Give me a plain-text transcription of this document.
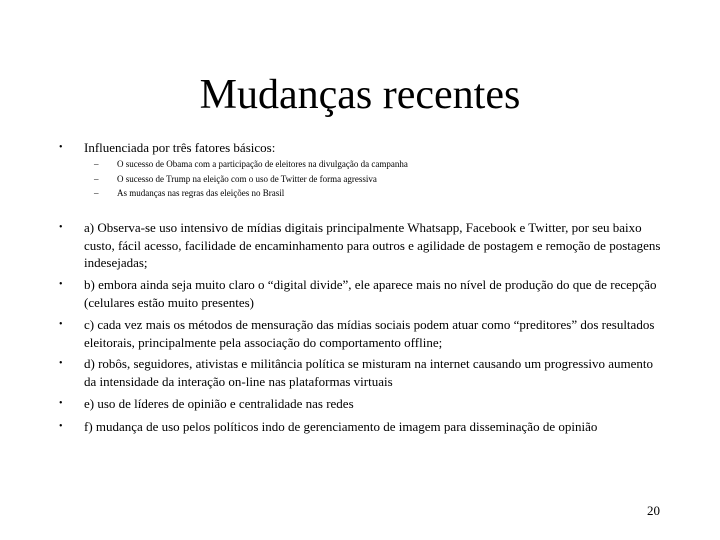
Mudanças recentes
• Influenciada por três fatores básicos:
– O sucesso de Obama com a participação de eleitores na divulgação da campanha
– O sucesso de Trump na eleição com o uso de Twitter de forma agressiva
– As mudanças nas regras das eleições no Brasil
• a) Observa-se uso intensivo de mídias digitais principalmente Whatsapp, Facebook e Twitter, por seu baixo custo, fácil acesso, facilidade de encaminhamento para outros e agilidade de postagem e remoção de postagens indesejadas;
• b) embora ainda seja muito claro o “digital divide”, ele aparece mais no nível de produção do que de recepção (celulares estão muito presentes)
• c) cada vez mais os métodos de mensuração das mídias sociais podem atuar como “preditores” dos resultados eleitorais, principalmente pela associação do comportamento offline;
• d) robôs, seguidores, ativistas e militância política se misturam na internet causando um progressivo aumento da intensidade da interação on-line nas plataformas virtuais
• e) uso de líderes de opinião e centralidade nas redes
• f) mudança de uso pelos políticos indo de gerenciamento de imagem para disseminação de opinião
20
